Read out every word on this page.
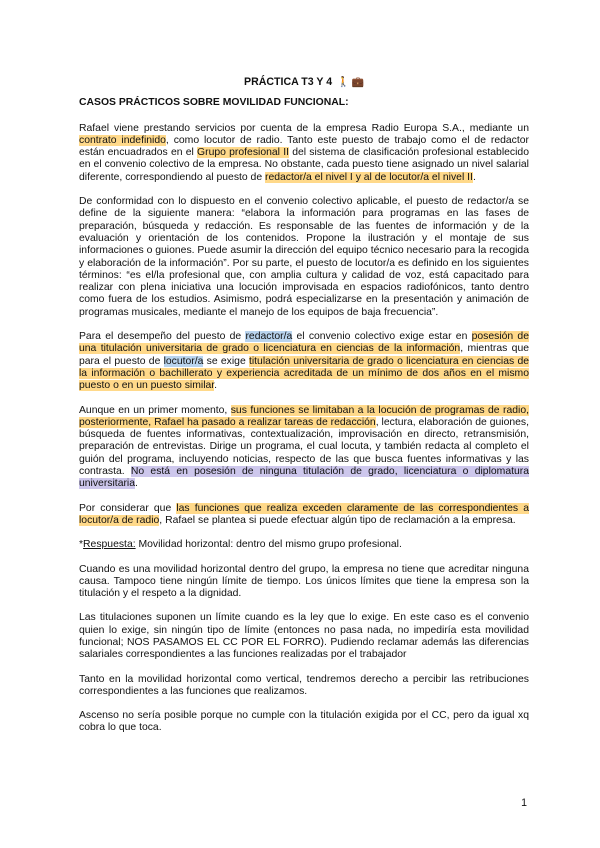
PRÁCTICA T3 Y 4 🚶 💼
CASOS PRÁCTICOS SOBRE MOVILIDAD FUNCIONAL:

Rafael viene prestando servicios por cuenta de la empresa Radio Europa S.A., mediante un contrato indefinido, como locutor de radio. Tanto este puesto de trabajo como el de redactor están encuadrados en el Grupo profesional II del sistema de clasificación profesional establecido en el convenio colectivo de la empresa. No obstante, cada puesto tiene asignado un nivel salarial diferente, correspondiendo al puesto de redactor/a el nivel I y al de locutor/a el nivel II.

De conformidad con lo dispuesto en el convenio colectivo aplicable, el puesto de redactor/a se define de la siguiente manera: “elabora la información para programas en las fases de preparación, búsqueda y redacción. Es responsable de las fuentes de información y de la evaluación y orientación de los contenidos. Propone la ilustración y el montaje de sus informaciones o guiones. Puede asumir la dirección del equipo técnico necesario para la recogida y elaboración de la información”. Por su parte, el puesto de locutor/a es definido en los siguientes términos: “es el/la profesional que, con amplia cultura y calidad de voz, está capacitado para realizar con plena iniciativa una locución improvisada en espacios radiofónicos, tanto dentro como fuera de los estudios. Asimismo, podrá especializarse en la presentación y animación de programas musicales, mediante el manejo de los equipos de baja frecuencia”.

Para el desempeño del puesto de redactor/a el convenio colectivo exige estar en posesión de una titulación universitaria de grado o licenciatura en ciencias de la información, mientras que para el puesto de locutor/a se exige titulación universitaria de grado o licenciatura en ciencias de la información o bachillerato y experiencia acreditada de un mínimo de dos años en el mismo puesto o en un puesto similar.

Aunque en un primer momento, sus funciones se limitaban a la locución de programas de radio, posteriormente, Rafael ha pasado a realizar tareas de redacción, lectura, elaboración de guiones, búsqueda de fuentes informativas, contextualización, improvisación en directo, retransmisión, preparación de entrevistas. Dirige un programa, el cual locuta, y también redacta al completo el guión del programa, incluyendo noticias, respecto de las que busca fuentes informativas y las contrasta. No está en posesión de ninguna titulación de grado, licenciatura o diplomatura universitaria.

Por considerar que las funciones que realiza exceden claramente de las correspondientes a locutor/a de radio, Rafael se plantea si puede efectuar algún tipo de reclamación a la empresa.

*Respuesta: Movilidad horizontal: dentro del mismo grupo profesional.

Cuando es una movilidad horizontal dentro del grupo, la empresa no tiene que acreditar ninguna causa. Tampoco tiene ningún límite de tiempo. Los únicos límites que tiene la empresa son la titulación y el respeto a la dignidad.

Las titulaciones suponen un límite cuando es la ley que lo exige. En este caso es el convenio quien lo exige, sin ningún tipo de límite (entonces no pasa nada, no impediría esta movilidad funcional; NOS PASAMOS EL CC POR EL FORRO). Pudiendo reclamar además las diferencias salariales correspondientes a las funciones realizadas por el trabajador

Tanto en la movilidad horizontal como vertical, tendremos derecho a percibir las retribuciones correspondientes a las funciones que realizamos.

Ascenso no sería posible porque no cumple con la titulación exigida por el CC, pero da igual xq cobra lo que toca.

1
